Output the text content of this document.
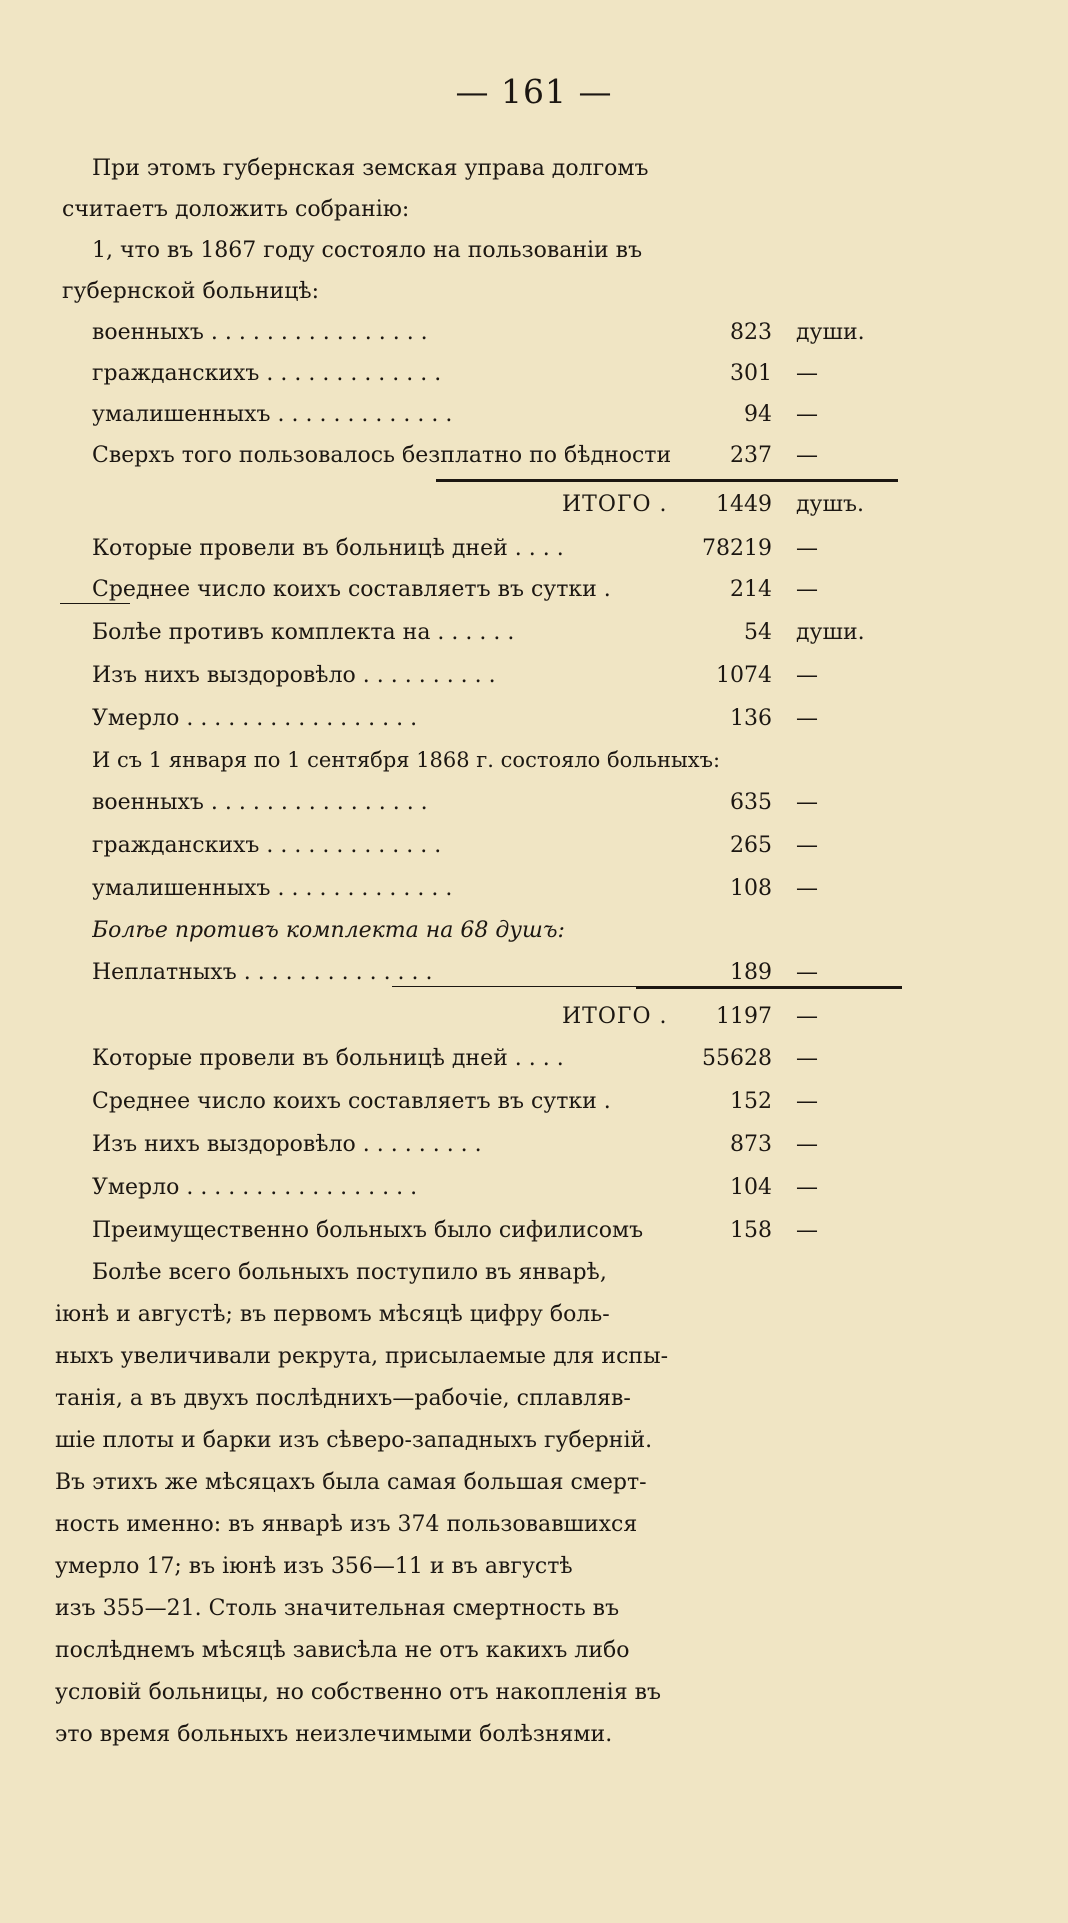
— 161 —
При этомъ губернская земская управа долгомъ
считаетъ доложить собранію:
1, что въ 1867 году состояло на пользованіи въ
губернской больницѣ:
военныхъ . . . . . . . . . . . . . . . .	823 души.
гражданскихъ . . . . . . . . . . . . .	301 —
умалишенныхъ . . . . . . . . . . . . .	94 —
Сверхъ того пользовалось безплатно по бѣдности	237 —
ИТОГО . 1449 душъ.
Которые провели въ больницѣ дней . . . .	78219 —
Среднее число коихъ составляетъ въ сутки .	214 —
Болѣе противъ комплекта на . . . . . .	54 души.
Изъ нихъ выздоровѣло . . . . . . . . . .	1074 —
Умерло . . . . . . . . . . . . . . . . .	136 —
И съ 1 января по 1 сентября 1868 г. состояло больныхъ:
военныхъ . . . . . . . . . . . . . . . .	635 —
гражданскихъ . . . . . . . . . . . . .	265 —
умалишенныхъ . . . . . . . . . . . . .	108 —
Болѣе противъ комплекта на 68 душъ:
Неплатныхъ . . . . . . . . . . . . . .	189 —
ИТОГО . 1197 —
Которые провели въ больницѣ дней . . . .	55628 —
Среднее число коихъ составляетъ въ сутки .	152 —
Изъ нихъ выздоровѣло . . . . . . . . .	873 —
Умерло . . . . . . . . . . . . . . . . .	104 —
Преимущественно больныхъ было сифилисомъ	158 —
Болѣе всего больныхъ поступило въ январѣ,
іюнѣ и августѣ; въ первомъ мѣсяцѣ цифру боль-
ныхъ увеличивали рекрута, присылаемые для испы-
танія, а въ двухъ послѣднихъ—рабочіе, сплавляв-
шіе плоты и барки изъ сѣверо-западныхъ губерній.
Въ этихъ же мѣсяцахъ была самая большая смерт-
ность именно: въ январѣ изъ 374 пользовавшихся
умерло 17; въ іюнѣ изъ 356—11 и въ августѣ
изъ 355—21. Столь значительная смертность въ
послѣднемъ мѣсяцѣ зависѣла не отъ какихъ либо
условій больницы, но собственно отъ накопленія въ
это время больныхъ неизлечимыми болѣзнями.
